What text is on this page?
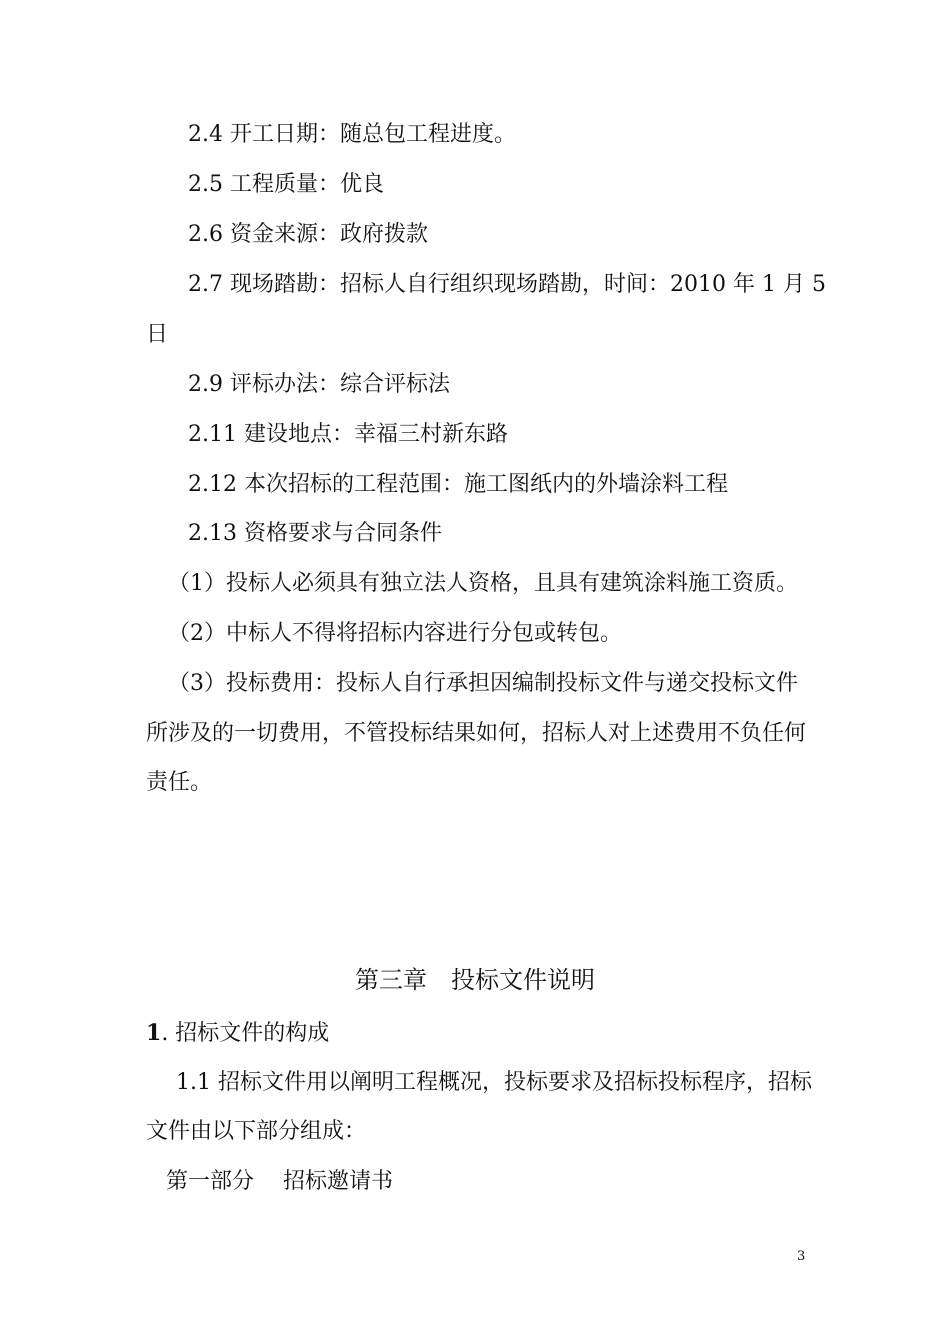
2.4 开工日期：随总包工程进度。
2.5 工程质量：优良
2.6 资金来源：政府拨款
2.7 现场踏勘：招标人自行组织现场踏勘，时间：2010 年 1 月 5
日
2.9 评标办法：综合评标法
2.11 建设地点：幸福三村新东路
2.12 本次招标的工程范围：施工图纸内的外墙涂料工程
2.13 资格要求与合同条件
（1）投标人必须具有独立法人资格，且具有建筑涂料施工资质。
（2）中标人不得将招标内容进行分包或转包。
（3）投标费用：投标人自行承担因编制投标文件与递交投标文件
所涉及的一切费用，不管投标结果如何，招标人对上述费用不负任何
责任。
第三章　投标文件说明
1. 招标文件的构成
1.1 招标文件用以阐明工程概况，投标要求及招标投标程序，招标
文件由以下部分组成：
第一部分　 招标邀请书
3
